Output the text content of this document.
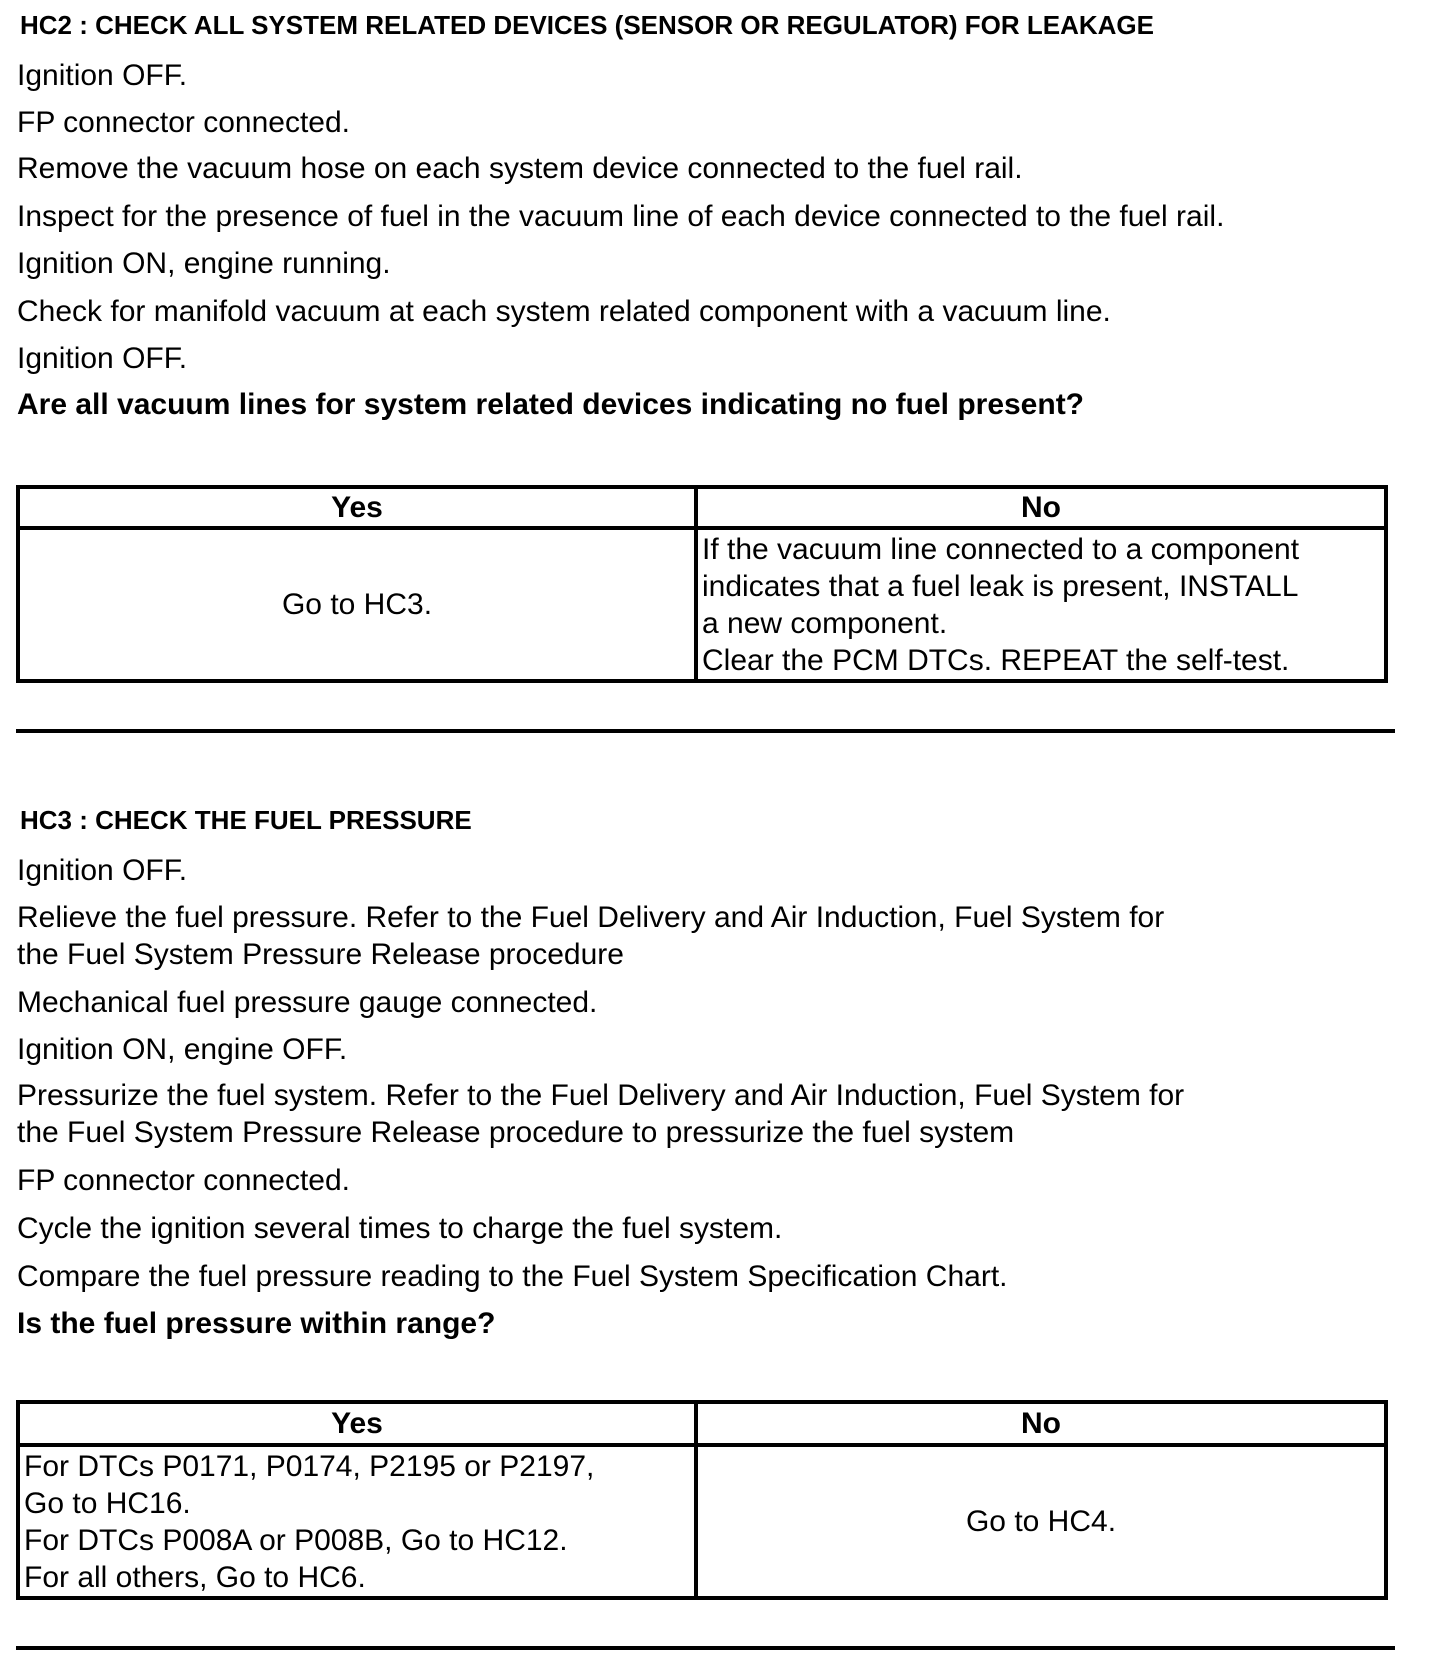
HC2 : CHECK ALL SYSTEM RELATED DEVICES (SENSOR OR REGULATOR) FOR LEAKAGE

Ignition OFF.

FP connector connected.

Remove the vacuum hose on each system device connected to the fuel rail.

Inspect for the presence of fuel in the vacuum line of each device connected to the fuel rail.

Ignition ON, engine running.

Check for manifold vacuum at each system related component with a vacuum line.

Ignition OFF.

Are all vacuum lines for system related devices indicating no fuel present?

Yes	No
Go to HC3.	If the vacuum line connected to a component
indicates that a fuel leak is present, INSTALL
a new component.
Clear the PCM DTCs. REPEAT the self-test.

HC3 : CHECK THE FUEL PRESSURE

Ignition OFF.

Relieve the fuel pressure. Refer to the Fuel Delivery and Air Induction, Fuel System for

the Fuel System Pressure Release procedure

Mechanical fuel pressure gauge connected.

Ignition ON, engine OFF.

Pressurize the fuel system. Refer to the Fuel Delivery and Air Induction, Fuel System for

the Fuel System Pressure Release procedure to pressurize the fuel system

FP connector connected.

Cycle the ignition several times to charge the fuel system.

Compare the fuel pressure reading to the Fuel System Specification Chart.

Is the fuel pressure within range?

Yes	No

For DTCs P0171, P0174, P2195 or P2197,
Go to HC16.
For DTCs P008A or P008B, Go to HC12.
For all others, Go to HC6.	Go to HC4.
